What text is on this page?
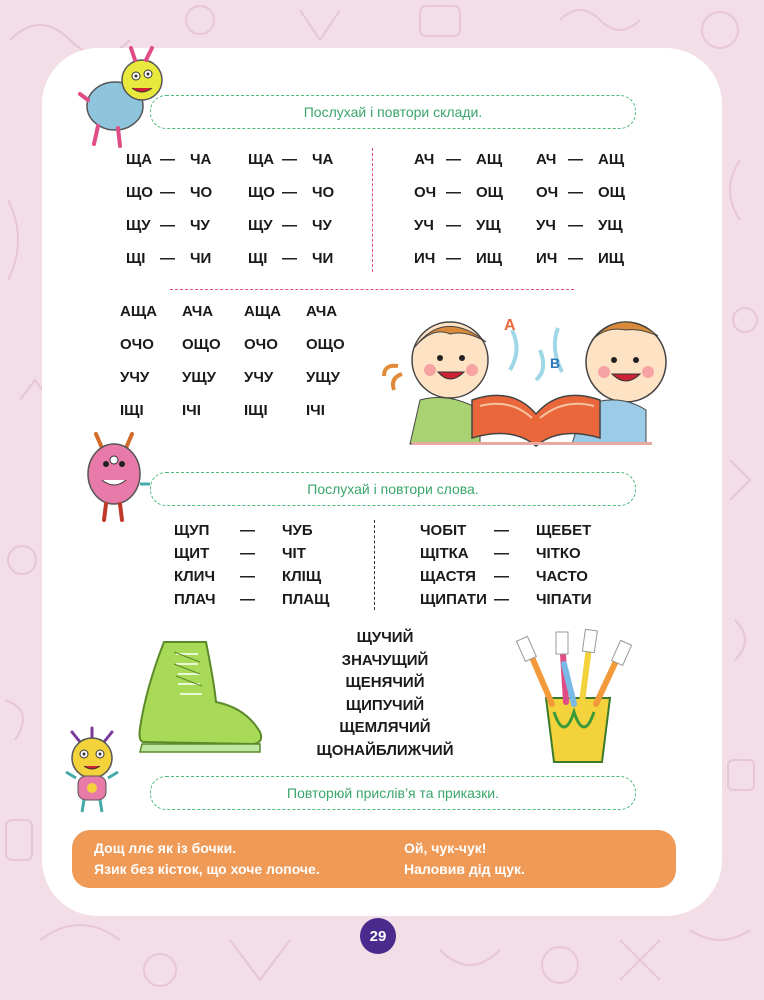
Послухай і повтори склади.
ЩА — ЧА ЩА — ЧА
ЩО — ЧО ЩО — ЧО
ЩУ — ЧУ	ЩУ — ЧУ
ЩІ — ЧИ ЩІ — ЧИ
АЧ — АЩ АЧ — АЩ
ОЧ — ОЩ ОЧ — ОЩ
УЧ — УЩ УЧ — УЩ
ИЧ — ИЩ ИЧ — ИЩ
АЩА АЧА АЩА АЧА
ОЧО ОЩО ОЧО ОЩО
УЧУ УЩУ УЧУ УЩУ
ІЩІ	ІЧІ	ІЩІ	ІЧІ
A
B
Послухай і повтори слова.
ЩУП — ЧУБ
ЩИТ — ЧІТ
КЛИЧ — КЛІЩ
ПЛАЧ — ПЛАЩ
ЧОБІТ — ЩЕБЕТ
ЩІТКА — ЧІТКО
ЩАСТЯ — ЧАСТО
ЩИПАТИ — ЧІПАТИ
ЩУЧИЙ
ЗНАЧУЩИЙ
ЩЕНЯЧИЙ
ЩИПУЧИЙ
ЩЕМЛЯЧИЙ
ЩОНАЙБЛИЖЧИЙ
Повторюй прислів’я та приказки.
Дощ ллє як із бочки.
Язик без кісток, що хоче лопоче.
Ой, чук-чук!
Наловив дід щук.
29
